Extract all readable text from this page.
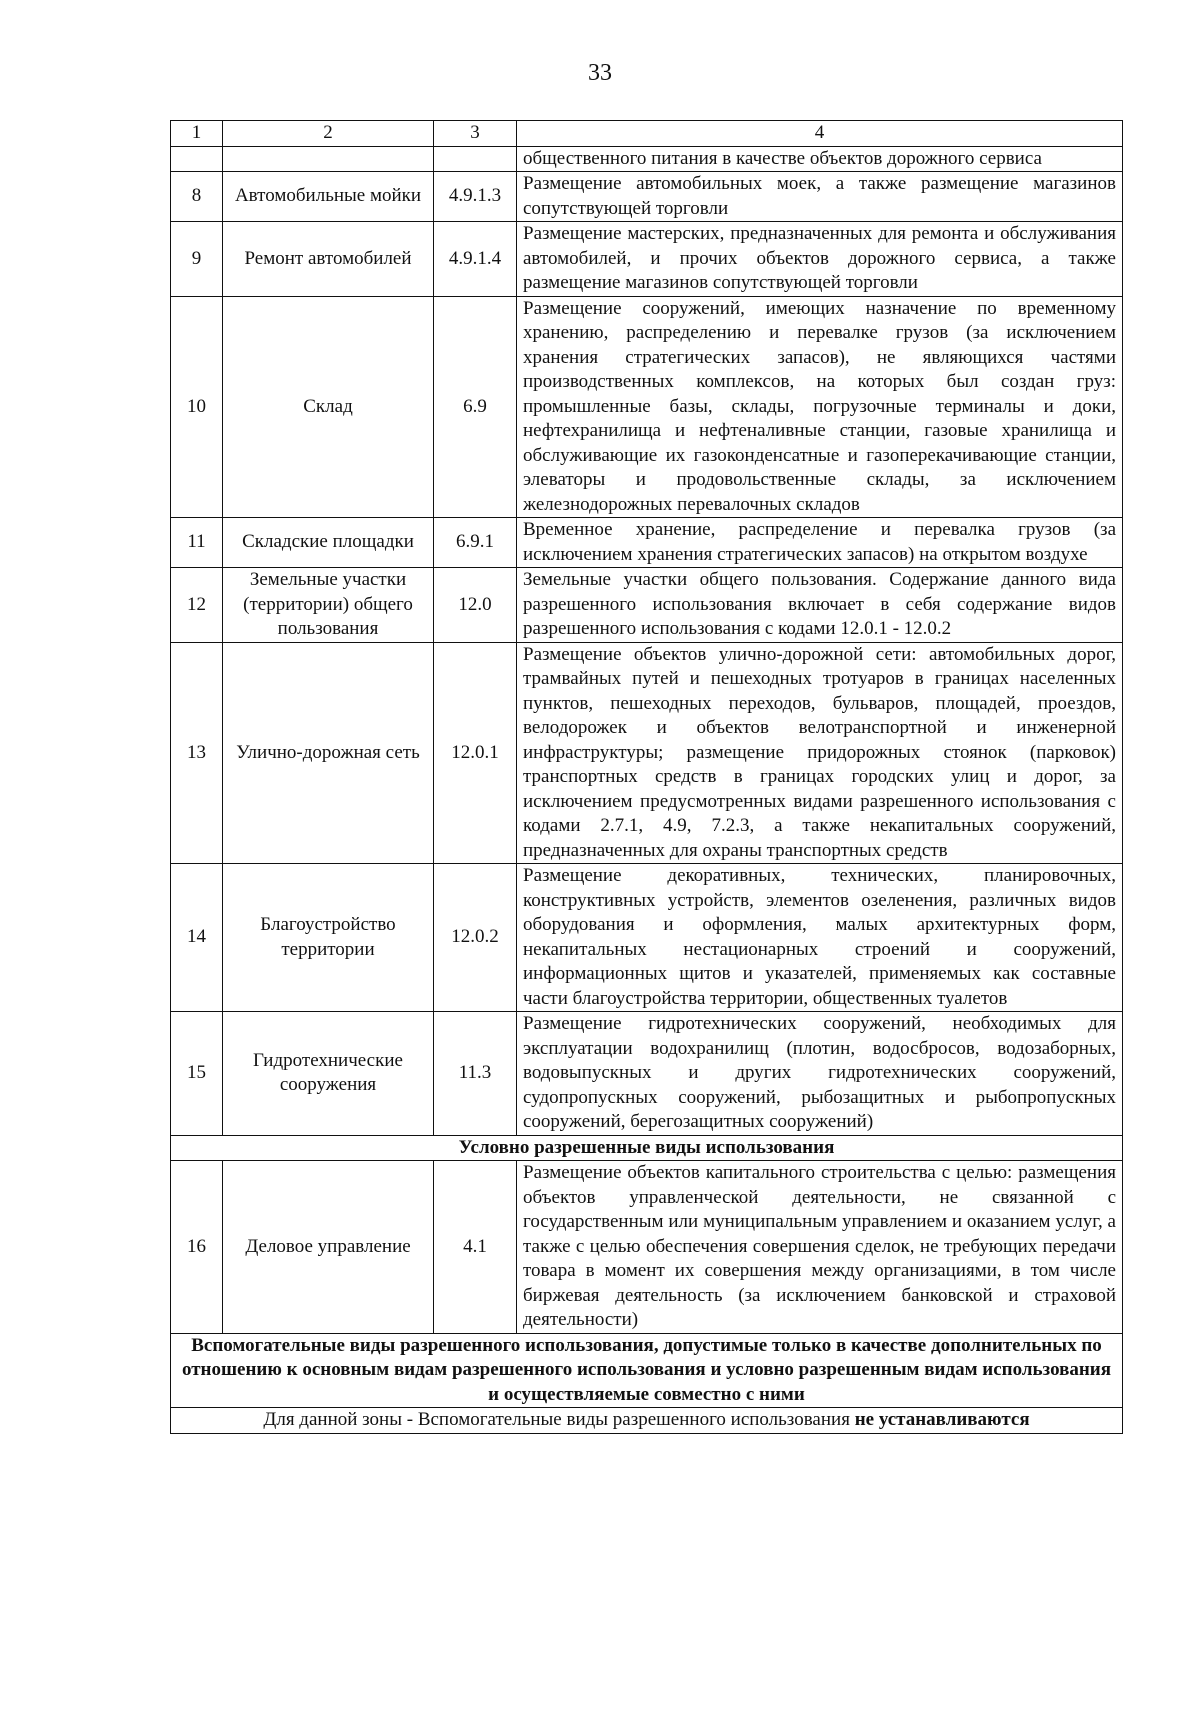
33
1	2	3	4
			общественного питания в качестве объектов дорожного сервиса
8	Автомобильные мойки	4.9.1.3	Размещение автомобильных моек, а также размещение магазинов сопутствующей торговли
9	Ремонт автомобилей	4.9.1.4	Размещение мастерских, предназначенных для ремонта и обслуживания автомобилей, и прочих объектов дорожного сервиса, а также размещение магазинов сопутствующей торговли
10	Склад	6.9	Размещение сооружений, имеющих назначение по временному хранению, распределению и перевалке грузов (за исключением хранения стратегических запасов), не являющихся частями производственных комплексов, на которых был создан груз: промышленные базы, склады, погрузочные терминалы и доки, нефтехранилища и нефтеналивные станции, газовые хранилища и обслуживающие их газоконденсатные и газоперекачивающие станции, элеваторы и продовольственные склады, за исключением железнодорожных перевалочных складов
11	Складские площадки	6.9.1	Временное хранение, распределение и перевалка грузов (за исключением хранения стратегических запасов) на открытом воздухе
12	Земельные участки (территории) общего пользования	12.0	Земельные участки общего пользования. Содержание данного вида разрешенного использования включает в себя содержание видов разрешенного использования с кодами 12.0.1 - 12.0.2
13	Улично-дорожная сеть	12.0.1	Размещение объектов улично-дорожной сети: автомобильных дорог, трамвайных путей и пешеходных тротуаров в границах населенных пунктов, пешеходных переходов, бульваров, площадей, проездов, велодорожек и объектов велотранспортной и инженерной инфраструктуры; размещение придорожных стоянок (парковок) транспортных средств в границах городских улиц и дорог, за исключением предусмотренных видами разрешенного использования с кодами 2.7.1, 4.9, 7.2.3, а также некапитальных сооружений, предназначенных для охраны транспортных средств
14	Благоустройство территории	12.0.2	Размещение декоративных, технических, планировочных, конструктивных устройств, элементов озеленения, различных видов оборудования и оформления, малых архитектурных форм, некапитальных нестационарных строений и сооружений, информационных щитов и указателей, применяемых как составные части благоустройства территории, общественных туалетов
15	Гидротехнические сооружения	11.3	Размещение гидротехнических сооружений, необходимых для эксплуатации водохранилищ (плотин, водосбросов, водозаборных, водовыпускных и других гидротехнических сооружений, судопропускных сооружений, рыбозащитных и рыбопропускных сооружений, берегозащитных сооружений)
Условно разрешенные виды использования			
16	Деловое управление	4.1	Размещение объектов капитального строительства с целью: размещения объектов управленческой деятельности, не связанной с государственным или муниципальным управлением и оказанием услуг, а также с целью обеспечения совершения сделок, не требующих передачи товара в момент их совершения между организациями, в том числе биржевая деятельность (за исключением банковской и страховой деятельности)
Вспомогательные виды разрешенного использования, допустимые только в качестве дополнительных по отношению к основным видам разрешенного использования и условно разрешенным видам использования и осуществляемые совместно с ними			
Для данной зоны - Вспомогательные виды разрешенного использования не устанавливаются			
